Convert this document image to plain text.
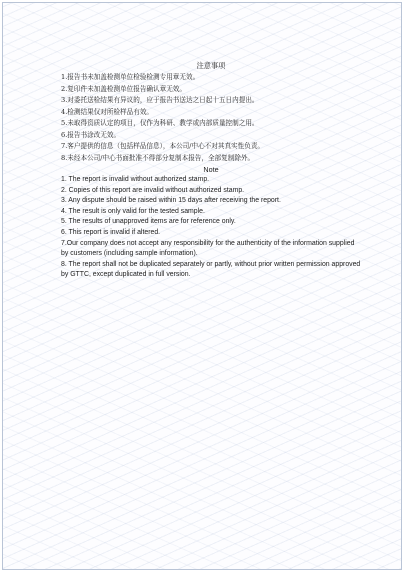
注意事项
1.报告书未加盖检测单位检验检测专用章无效。
2.复印件未加盖检测单位报告确认章无效。
3.对委托送检结果有异议的，应于报告书送达之日起十五日内提出。
4.检测结果仅对所检样品有效。
5.未取得资质认定的项目，仅作为科研、教学或内部质量控制之用。
6.报告书涂改无效。
7.客户提供的信息（包括样品信息），本公司/中心不对其真实性负责。
8.未经本公司/中心书面批准不得部分复制本报告，全部复制除外。
Note
1. The report is invalid without authorized stamp.
2. Copies of this report are invalid without authorized stamp.
3. Any dispute should be raised within 15 days after receiving the report.
4. The result is only valid for the tested sample.
5. The results of unapproved items are for reference only.
6. This report is invalid if altered.
7.Our company does not accept any responsibility for the authenticity of the information supplied by customers (including sample information).
8. The report shall not be duplicated separately or partly, without prior written permission approved by GTTC, except duplicated in full version.
